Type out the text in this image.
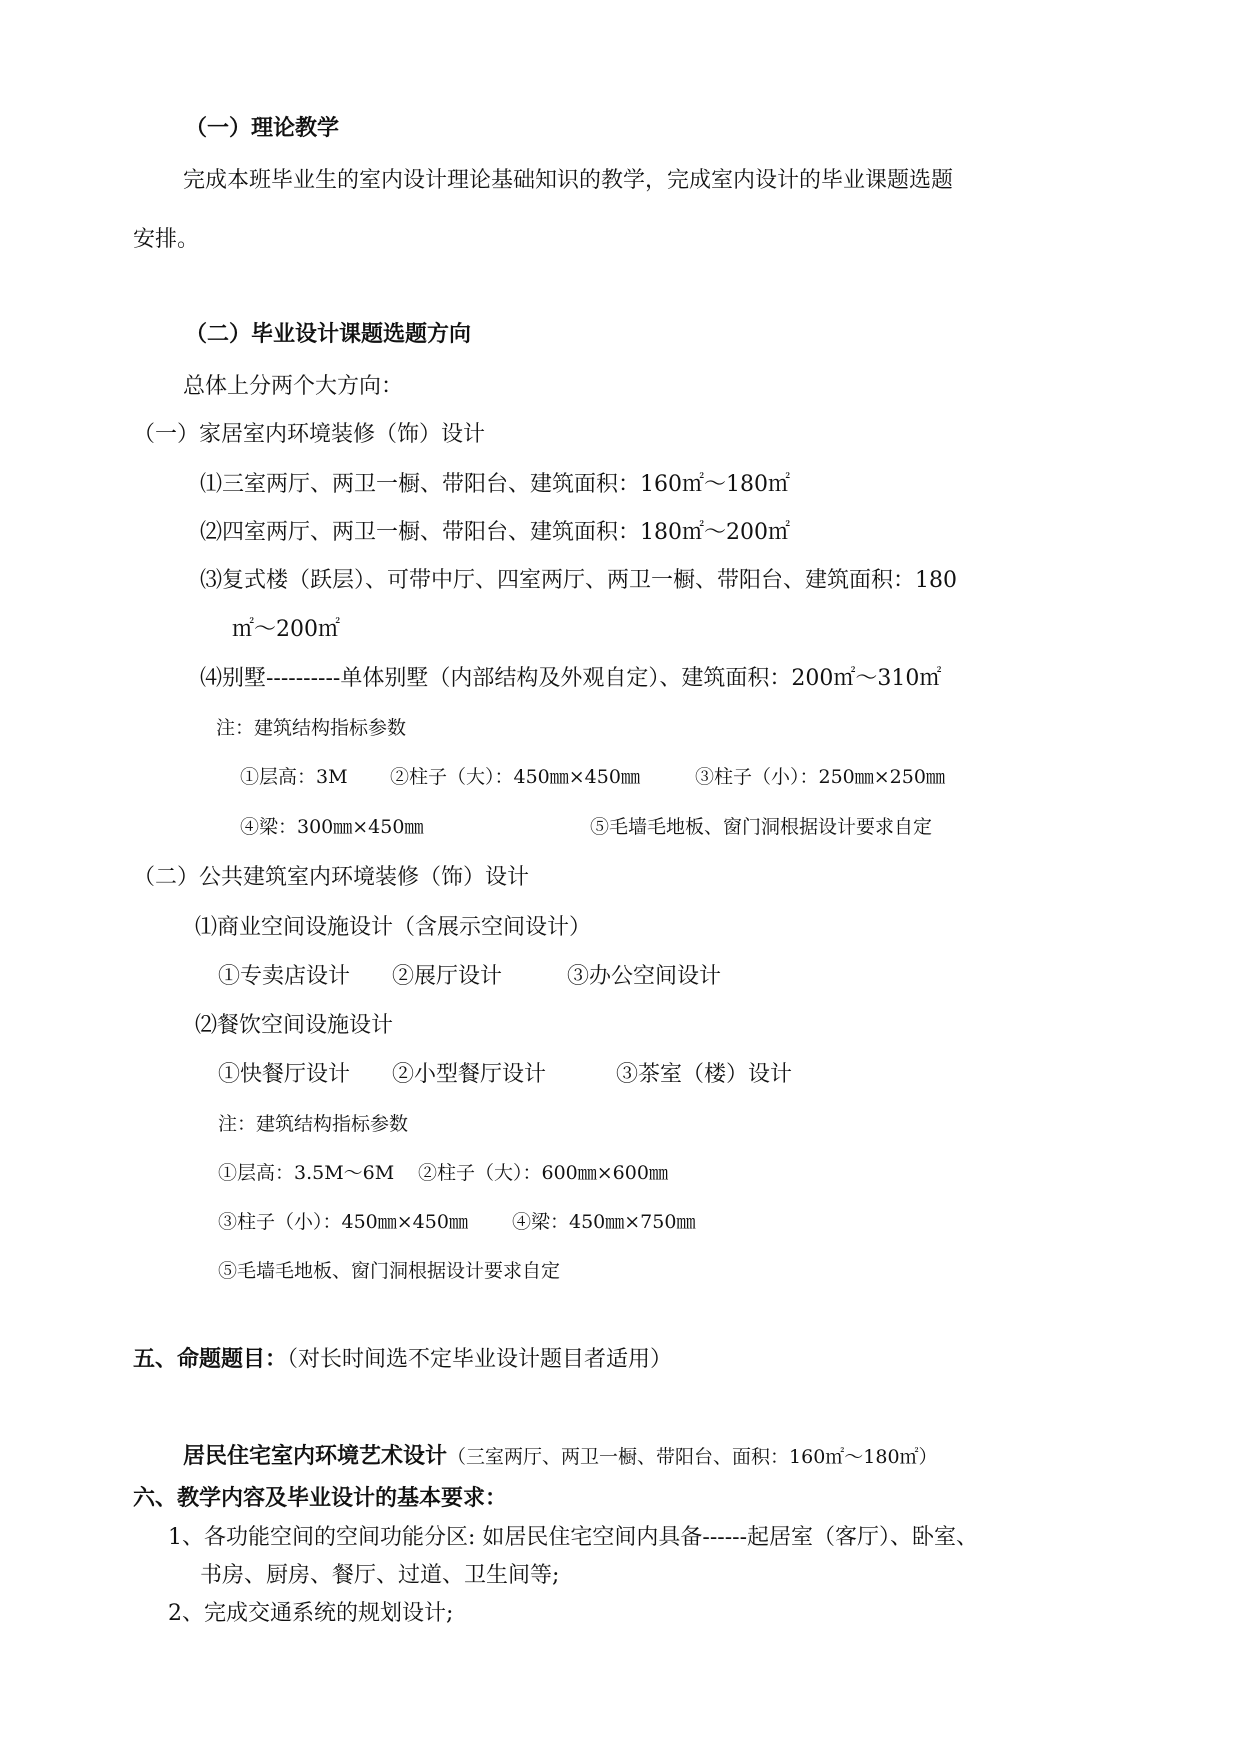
（一）理论教学
完成本班毕业生的室内设计理论基础知识的教学，完成室内设计的毕业课题选题
安排。
（二）毕业设计课题选题方向
总体上分两个大方向：
（一）家居室内环境装修（饰）设计
⑴三室两厅、两卫一橱、带阳台、建筑面积：160㎡～180㎡
⑵四室两厅、两卫一橱、带阳台、建筑面积：180㎡～200㎡
⑶复式楼（跃层）、可带中厅、四室两厅、两卫一橱、带阳台、建筑面积：180
㎡～200㎡
⑷别墅----------单体别墅（内部结构及外观自定）、建筑面积：200㎡～310㎡
注：建筑结构指标参数
①层高：3M ②柱子（大）：450㎜×450㎜	③柱子（小）：250㎜×250㎜
④梁：300㎜×450㎜	⑤毛墙毛地板、窗门洞根据设计要求自定
（二）公共建筑室内环境装修（饰）设计
⑴商业空间设施设计（含展示空间设计）
①专卖店设计 ②展厅设计	③办公空间设计
⑵餐饮空间设施设计
①快餐厅设计 ②小型餐厅设计	③茶室（楼）设计
注：建筑结构指标参数
①层高：3.5M～6M ②柱子（大）：600㎜×600㎜
③柱子（小）：450㎜×450㎜ ④梁：450㎜×750㎜
⑤毛墙毛地板、窗门洞根据设计要求自定
五、命题题目：（对长时间选不定毕业设计题目者适用）
居民住宅室内环境艺术设计（三室两厅、两卫一橱、带阳台、面积：160㎡～180㎡）
六、教学内容及毕业设计的基本要求：
1、各功能空间的空间功能分区: 如居民住宅空间内具备------起居室（客厅）、卧室、
书房、厨房、餐厅、过道、卫生间等;
2、完成交通系统的规划设计;
